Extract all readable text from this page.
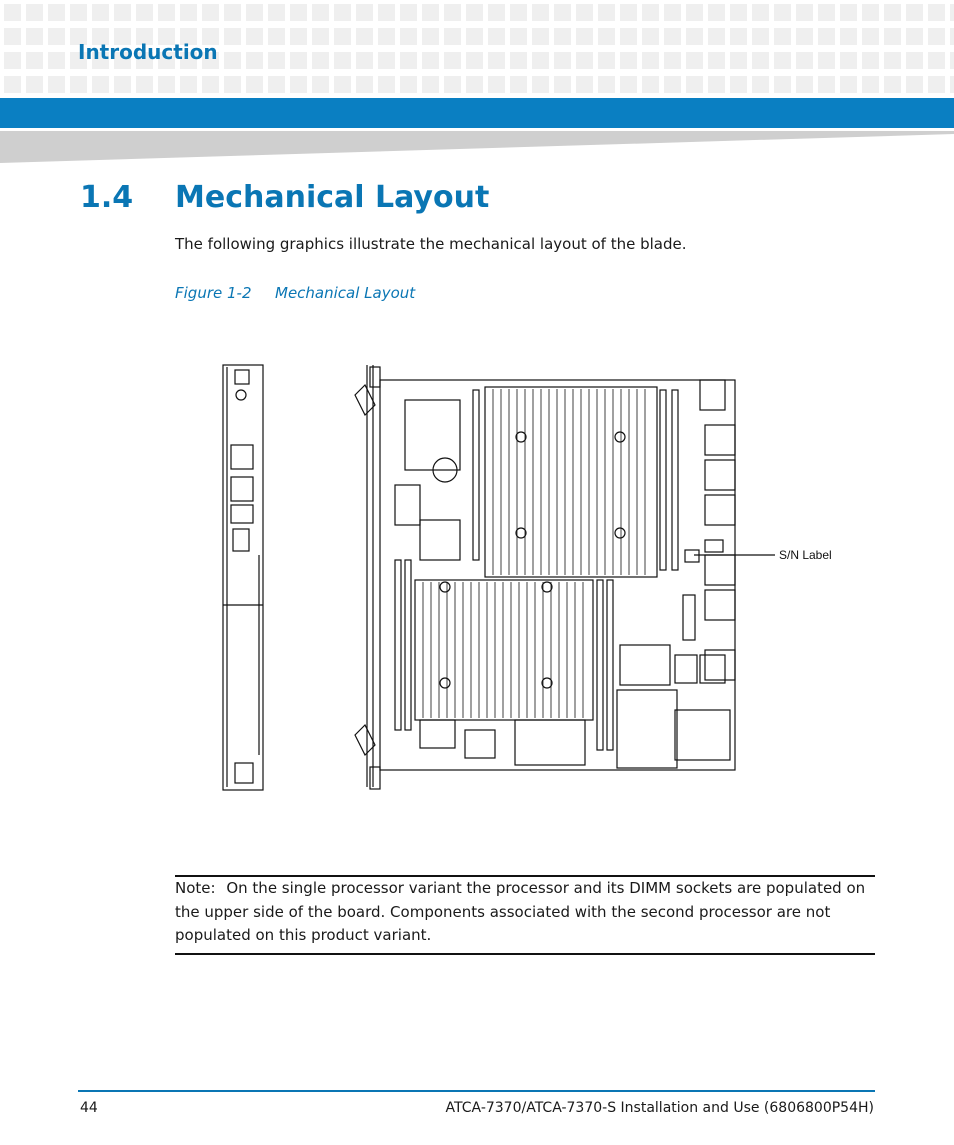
Introduction
1.4 Mechanical Layout
The following graphics illustrate the mechanical layout of the blade.
Figure 1-2 Mechanical Layout
S/N Label
Note: On the single processor variant the processor and its DIMM sockets are populated on the upper side of the board. Components associated with the second processor are not populated on this product variant.
44	ATCA-7370/ATCA-7370-S Installation and Use (6806800P54H)
